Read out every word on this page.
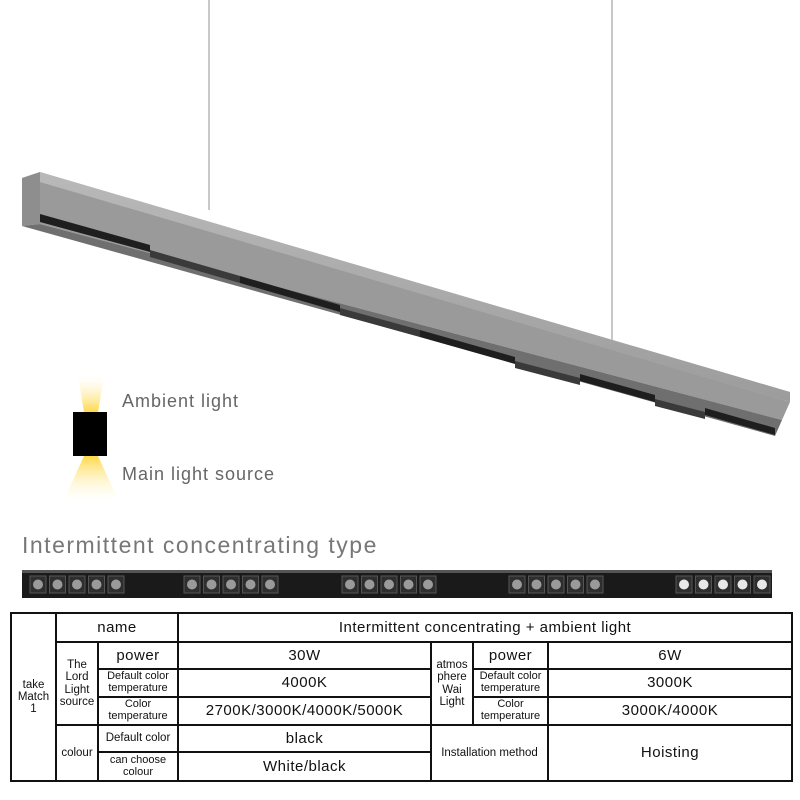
Ambient light
Main light source
Intermittent concentrating type
take Match 1	name		Intermittent concentrating + ambient light			
	The Lord Light source	power	30W	atmos phere Wai Light	power	6W
		Default color temperature	4000K		Default color temperature	3000K
		Color temperature	2700K/3000K/4000K/5000K		Color temperature	3000K/4000K
	colour	Default color	black	Installation method		Hoisting
		can choose colour	White/black			
